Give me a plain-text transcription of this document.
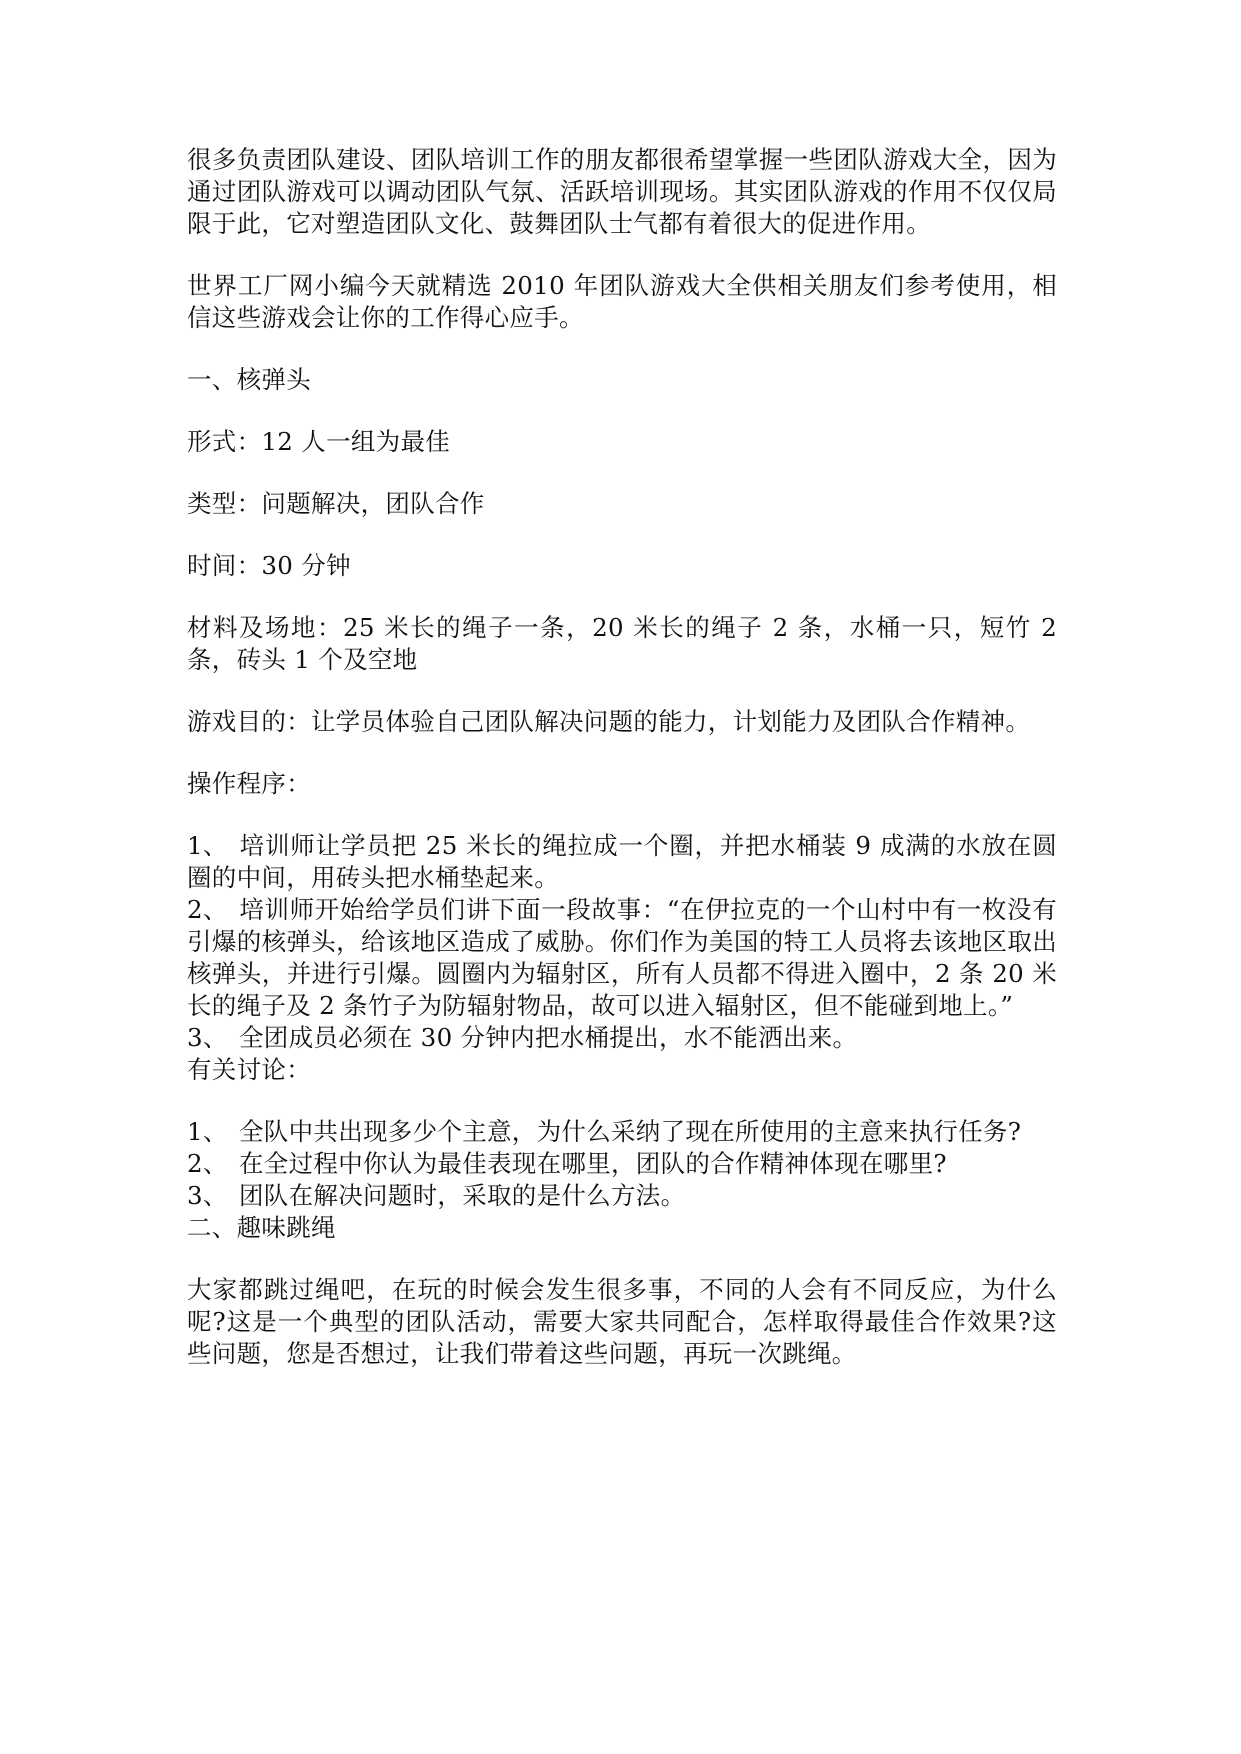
很多负责团队建设、团队培训工作的朋友都很希望掌握一些团队游戏大全，因为通过团队游戏可以调动团队气氛、活跃培训现场。其实团队游戏的作用不仅仅局限于此，它对塑造团队文化、鼓舞团队士气都有着很大的促进作用。

世界工厂网小编今天就精选 2010 年团队游戏大全供相关朋友们参考使用，相信这些游戏会让你的工作得心应手。

一、核弹头

形式：12 人一组为最佳

类型：问题解决，团队合作

时间：30 分钟

材料及场地：25 米长的绳子一条，20 米长的绳子 2 条，水桶一只，短竹 2 条，砖头 1 个及空地

游戏目的：让学员体验自己团队解决问题的能力，计划能力及团队合作精神。

操作程序：

1、 培训师让学员把 25 米长的绳拉成一个圈，并把水桶装 9 成满的水放在圆圈的中间，用砖头把水桶垫起来。

2、 培训师开始给学员们讲下面一段故事：“在伊拉克的一个山村中有一枚没有引爆的核弹头，给该地区造成了威胁。你们作为美国的特工人员将去该地区取出核弹头，并进行引爆。圆圈内为辐射区，所有人员都不得进入圈中，2 条 20 米长的绳子及 2 条竹子为防辐射物品，故可以进入辐射区，但不能碰到地上。”

3、 全团成员必须在 30 分钟内把水桶提出，水不能洒出来。

有关讨论：

1、 全队中共出现多少个主意，为什么采纳了现在所使用的主意来执行任务?

2、 在全过程中你认为最佳表现在哪里，团队的合作精神体现在哪里?

3、 团队在解决问题时，采取的是什么方法。

二、趣味跳绳

大家都跳过绳吧，在玩的时候会发生很多事，不同的人会有不同反应，为什么呢?这是一个典型的团队活动，需要大家共同配合，怎样取得最佳合作效果?这些问题，您是否想过，让我们带着这些问题，再玩一次跳绳。
